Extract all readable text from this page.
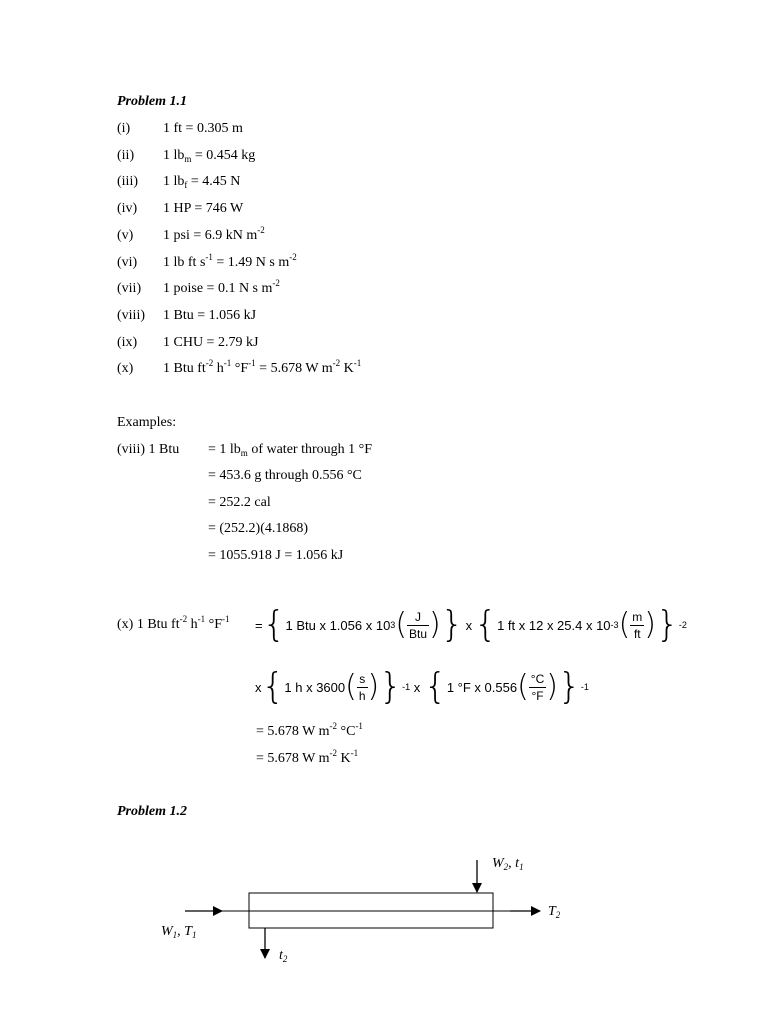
Problem 1.1
(i) 1 ft = 0.305 m
(ii) 1 $lb_m = 0.454$ kg
(iii) 1 $lb_f = 4.45$ N
(iv) 1 HP = 746 W
(v) 1 psi = 6.9 kN $m^{-2}$
(vi) 1 lb ft $s^{-1} = 1.49$ N s $m^{-2}$
(vii) 1 poise = 0.1 N s $m^{-2}$
(viii) 1 Btu = 1.056 kJ
(ix) 1 CHU = 2.79 kJ
(x) 1 Btu $ft^{-2}$ $h^{-1}$ $^\circ F^{-1} = 5.678$ W $m^{-2}$ $K^{-1}$
Examples:
(viii) 1 Btu = 1 $lb_m$ of water through 1 °F
= 453.6 g through 0.556 °C
= 252.2 cal
= (252.2)(4.1868)
= 1055.918 J = 1.056 kJ
(x) 1 Btu $ft^{-2}$ $h^{-1}$ $^\circ F^{-1}$ = { 1 Btu x 1.056 x 10 3 ( $\frac{J}{\text{Btu}}$ ) } x { 1 ft x 12 x 25.4 x 10 -3 ( $\frac{m}{ft}$ ) } -2
x { 1 h x 3600 ( $\frac{s}{h}$ ) } -1 x { 1 °F x 0.556 ( $\frac{^\circ C}{^\circ F}$ ) } -1
= 5.678 W $m^{-2}$ $^\circ C^{-1}$
= 5.678 W $m^{-2}$ $K^{-1}$
Problem 1.2
$W_2$, $t_1$
$W_1$, $T_1$
$T_2$
$t_2$
